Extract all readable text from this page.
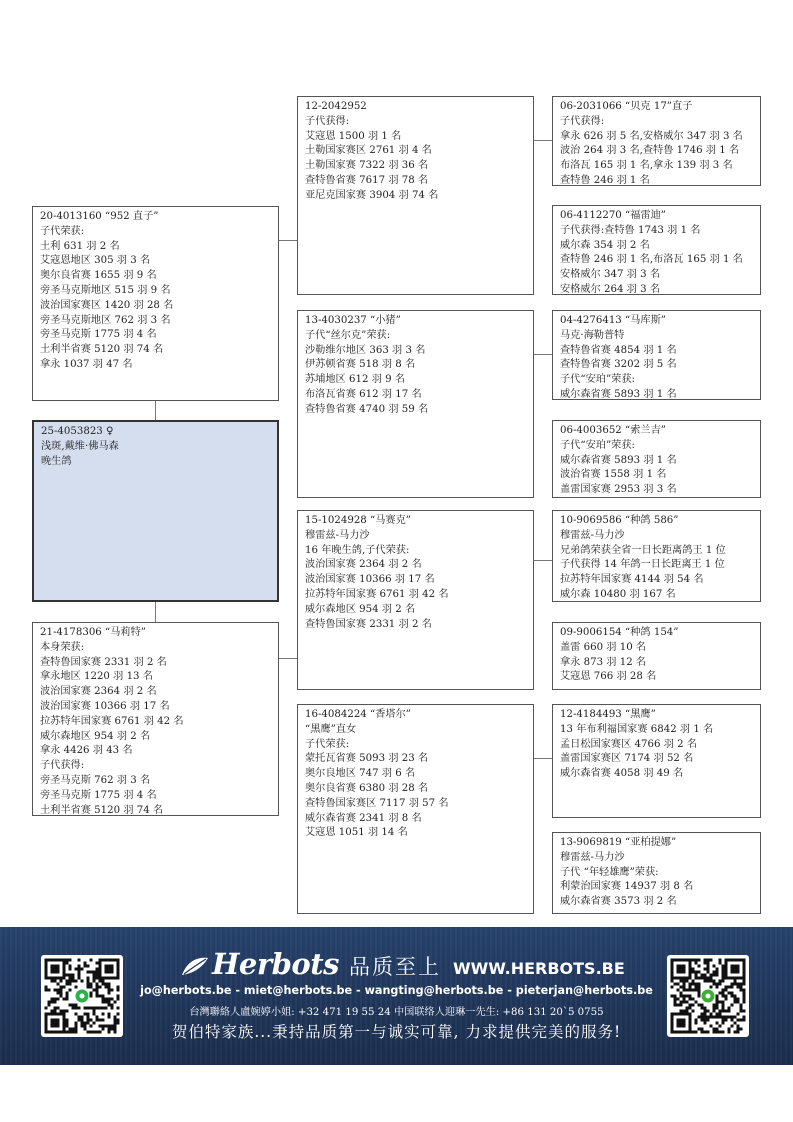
20-4013160 “952 直子”
子代荣获:
土利 631 羽 2 名
艾寇恩地区 305 羽 3 名
奥尔良省赛 1655 羽 9 名
旁圣马克斯地区 515 羽 9 名
波治国家赛区 1420 羽 28 名
旁圣马克斯地区 762 羽 3 名
旁圣马克斯 1775 羽 4 名
土利半省赛 5120 羽 74 名
拿永 1037 羽 47 名
25-4053823 ♀
浅斑,戴维·佛马森
晚生鸽
21-4178306 “马莉特”
本身荣获:
查特鲁国家赛 2331 羽 2 名
拿永地区 1220 羽 13 名
波治国家赛 2364 羽 2 名
波治国家赛 10366 羽 17 名
拉苏特年国家赛 6761 羽 42 名
威尔森地区 954 羽 2 名
拿永 4426 羽 43 名
子代获得:
旁圣马克斯 762 羽 3 名
旁圣马克斯 1775 羽 4 名
土利半省赛 5120 羽 74 名
12-2042952
子代获得:
艾寇恩 1500 羽 1 名
土勒国家赛区 2761 羽 4 名
土勒国家赛 7322 羽 36 名
查特鲁省赛 7617 羽 78 名
亚尼克国家赛 3904 羽 74 名
13-4030237 “小猪”
子代“丝尔克”荣获:
沙勒维尔地区 363 羽 3 名
伊苏顿省赛 518 羽 8 名
苏埔地区 612 羽 9 名
布洛瓦省赛 612 羽 17 名
查特鲁省赛 4740 羽 59 名
15-1024928 “马赛克”
穆雷兹-马力沙
16 年晚生鸽,子代荣获:
波治国家赛 2364 羽 2 名
波治国家赛 10366 羽 17 名
拉苏特年国家赛 6761 羽 42 名
威尔森地区 954 羽 2 名
查特鲁国家赛 2331 羽 2 名
16-4084224 “香塔尔”
“黑鹰”直女
子代荣获:
蒙托瓦省赛 5093 羽 23 名
奥尔良地区 747 羽 6 名
奥尔良省赛 6380 羽 28 名
查特鲁国家赛区 7117 羽 57 名
威尔森省赛 2341 羽 8 名
艾寇恩 1051 羽 14 名
06-2031066 “贝克 17”直子
子代获得:
拿永 626 羽 5 名,安格威尔 347 羽 3 名
波治 264 羽 3 名,查特鲁 1746 羽 1 名
布洛瓦 165 羽 1 名,拿永 139 羽 3 名
查特鲁 246 羽 1 名
06-4112270 “福雷迪”
子代获得:查特鲁 1743 羽 1 名
威尔森 354 羽 2 名
查特鲁 246 羽 1 名,布洛瓦 165 羽 1 名
安格威尔 347 羽 3 名
安格威尔 264 羽 3 名
04-4276413 “马库斯”
马克·海勒普特
查特鲁省赛 4854 羽 1 名
查特鲁省赛 3202 羽 5 名
子代“安珀”荣获:
威尔森省赛 5893 羽 1 名
06-4003652 “索兰吉”
子代“安珀”荣获:
威尔森省赛 5893 羽 1 名
波治省赛 1558 羽 1 名
盖雷国家赛 2953 羽 3 名
10-9069586 “种鸽 586”
穆雷兹-马力沙
兄弟鸽荣获全省一日长距离鸽王 1 位
子代获得 14 年鸽一日长距离王 1 位
拉苏特年国家赛 4144 羽 54 名
威尔森 10480 羽 167 名
09-9006154 “种鸽 154”
盖雷 660 羽 10 名
拿永 873 羽 12 名
艾寇恩 766 羽 28 名
12-4184493 “黑鹰”
13 年布利福国家赛 6842 羽 1 名
孟日松国家赛区 4766 羽 2 名
盖雷国家赛区 7174 羽 52 名
威尔森省赛 4058 羽 49 名
13-9069819 “亚柏提娜”
穆雷兹-马力沙
子代 “年轻雄鹰”荣获:
利蒙治国家赛 14937 羽 8 名
威尔森省赛 3573 羽 2 名
Herbots 品质至上 WWW.HERBOTS.BE
jo@herbots.be - miet@herbots.be - wangting@herbots.be - pieterjan@herbots.be
台灣聯絡人盧婉婷小姐: +32 471 19 55 24 中国联络人迎琳一先生: +86 131 20`5 0755
贺伯特家族...秉持品质第一与诚实可靠, 力求提供完美的服务!
